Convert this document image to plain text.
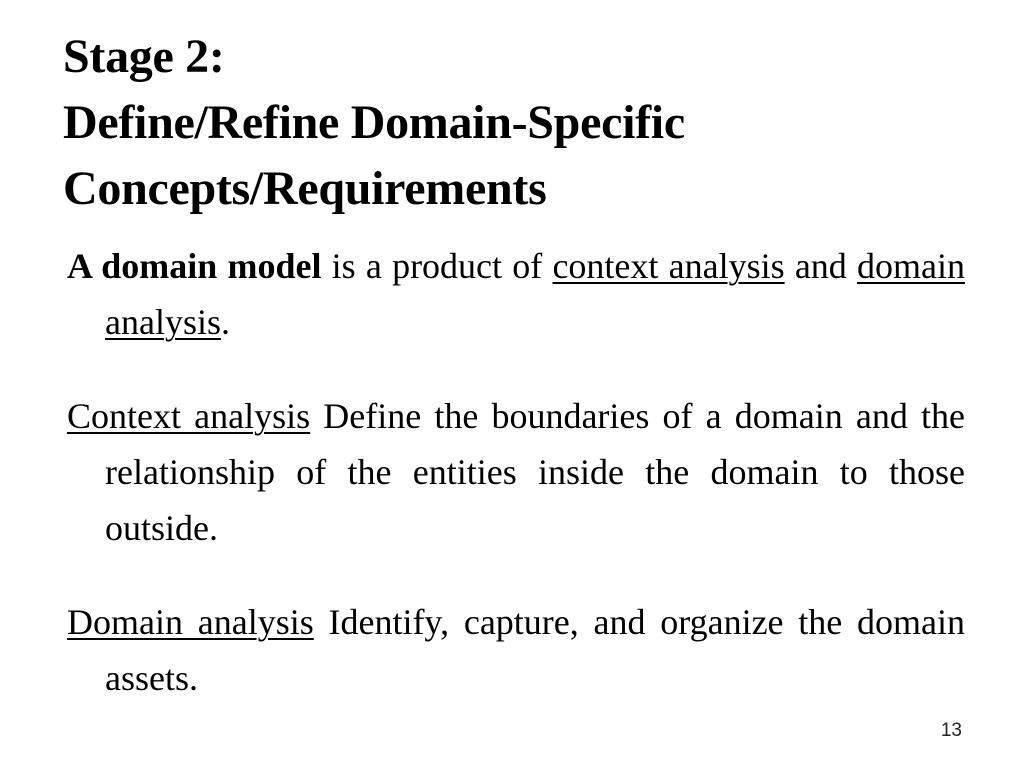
Stage 2:
Define/Refine Domain-Specific
Concepts/Requirements

A domain model is a product of context analysis and domain analysis.

Context analysis Define the boundaries of a domain and the relationship of the entities inside the domain to those outside.

Domain analysis Identify, capture, and organize the domain assets.

13
